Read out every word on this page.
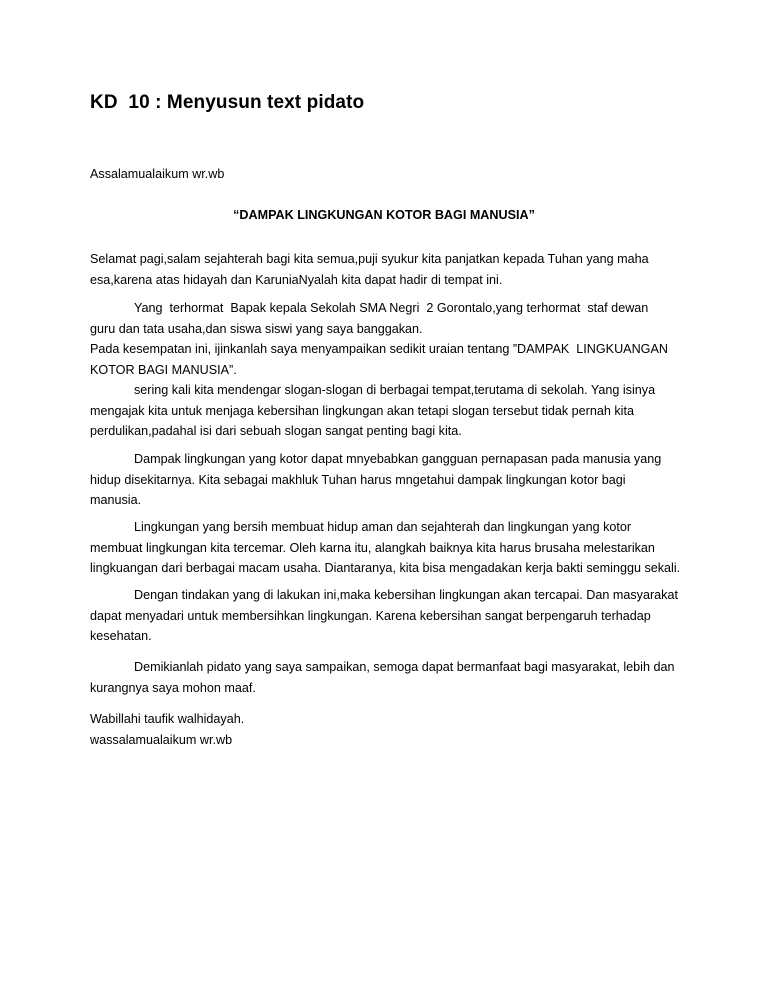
KD  10 : Menyusun text pidato

Assalamualaikum wr.wb

“DAMPAK LINGKUNGAN KOTOR BAGI MANUSIA”

Selamat pagi,salam sejahterah bagi kita semua,puji syukur kita panjatkan kepada Tuhan yang maha
esa,karena atas hidayah dan KaruniaNyalah kita dapat hadir di tempat ini.

Yang  terhormat  Bapak kepala Sekolah SMA Negri  2 Gorontalo,yang terhormat  staf dewan
guru dan tata usaha,dan siswa siswi yang saya banggakan.
Pada kesempatan ini, ijinkanlah saya menyampaikan sedikit uraian tentang ”DAMPAK  LINGKUANGAN
KOTOR BAGI MANUSIA”.
sering kali kita mendengar slogan-slogan di berbagai tempat,terutama di sekolah. Yang isinya
mengajak kita untuk menjaga kebersihan lingkungan akan tetapi slogan tersebut tidak pernah kita
perdulikan,padahal isi dari sebuah slogan sangat penting bagi kita.

Dampak lingkungan yang kotor dapat mnyebabkan gangguan pernapasan pada manusia yang
hidup disekitarnya. Kita sebagai makhluk Tuhan harus mngetahui dampak lingkungan kotor bagi
manusia.

Lingkungan yang bersih membuat hidup aman dan sejahterah dan lingkungan yang kotor
membuat lingkungan kita tercemar. Oleh karna itu, alangkah baiknya kita harus brusaha melestarikan
lingkuangan dari berbagai macam usaha. Diantaranya, kita bisa mengadakan kerja bakti seminggu sekali.

Dengan tindakan yang di lakukan ini,maka kebersihan lingkungan akan tercapai. Dan masyarakat
dapat menyadari untuk membersihkan lingkungan. Karena kebersihan sangat berpengaruh terhadap
kesehatan.

Demikianlah pidato yang saya sampaikan, semoga dapat bermanfaat bagi masyarakat, lebih dan
kurangnya saya mohon maaf.

Wabillahi taufik walhidayah.
wassalamualaikum wr.wb
